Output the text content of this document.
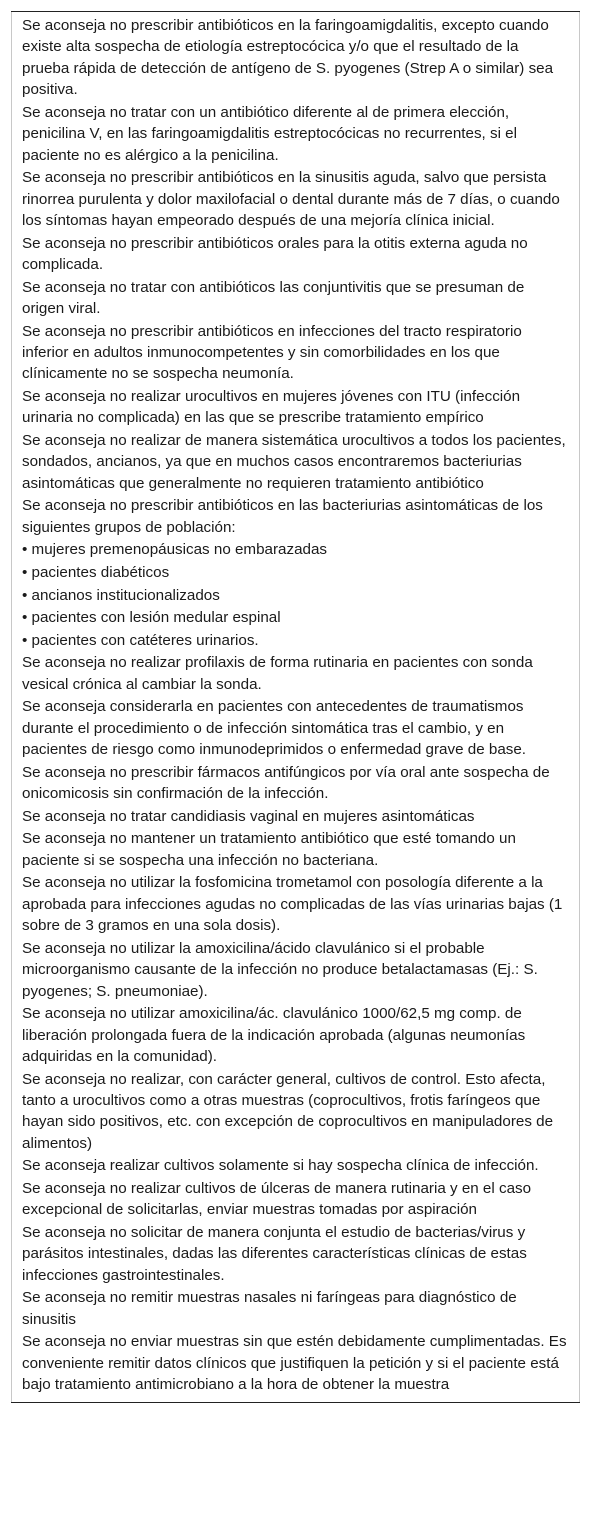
Se aconseja no prescribir antibióticos en la faringoamigdalitis, excepto cuando existe alta sospecha de etiología estreptocócica y/o que el resultado de la prueba rápida de detección de antígeno de S. pyogenes (Strep A o similar) sea positiva.

Se aconseja no tratar con un antibiótico diferente al de primera elección, penicilina V, en las faringoamigdalitis estreptocócicas no recurrentes, si el paciente no es alérgico a la penicilina.

Se aconseja no prescribir antibióticos en la sinusitis aguda, salvo que persista rinorrea purulenta y dolor maxilofacial o dental durante más de 7 días, o cuando los síntomas hayan empeorado después de una mejoría clínica inicial.

Se aconseja no prescribir antibióticos orales para la otitis externa aguda no complicada.

Se aconseja no tratar con antibióticos las conjuntivitis que se presuman de origen viral.

Se aconseja no prescribir antibióticos en infecciones del tracto respiratorio inferior en adultos inmunocompetentes y sin comorbilidades en los que clínicamente no se sospecha neumonía.

Se aconseja no realizar urocultivos en mujeres jóvenes con ITU (infección urinaria no complicada) en las que se prescribe tratamiento empírico

Se aconseja no realizar de manera sistemática urocultivos a todos los pacientes, sondados, ancianos, ya que en muchos casos encontraremos bacteriurias asintomáticas que generalmente no requieren tratamiento antibiótico

Se aconseja no prescribir antibióticos en las bacteriurias asintomáticas de los siguientes grupos de población:

• mujeres premenopáusicas no embarazadas
• pacientes diabéticos
• ancianos institucionalizados
• pacientes con lesión medular espinal
• pacientes con catéteres urinarios.

Se aconseja no realizar profilaxis de forma rutinaria en pacientes con sonda vesical crónica al cambiar la sonda.

Se aconseja considerarla en pacientes con antecedentes de traumatismos durante el procedimiento o de infección sintomática tras el cambio, y en pacientes de riesgo como inmunodeprimidos o enfermedad grave de base.

Se aconseja no prescribir fármacos antifúngicos por vía oral ante sospecha de onicomicosis sin confirmación de la infección.

Se aconseja no tratar candidiasis vaginal en mujeres asintomáticas

Se aconseja no mantener un tratamiento antibiótico que esté tomando un paciente si se sospecha una infección no bacteriana.

Se aconseja no utilizar la fosfomicina trometamol con posología diferente a la aprobada para infecciones agudas no complicadas de las vías urinarias bajas (1 sobre de 3 gramos en una sola dosis).

Se aconseja no utilizar la amoxicilina/ácido clavulánico si el probable microorganismo causante de la infección no produce betalactamasas (Ej.: S. pyogenes; S. pneumoniae).

Se aconseja no utilizar amoxicilina/ác. clavulánico 1000/62,5 mg comp. de liberación prolongada fuera de la indicación aprobada (algunas neumonías adquiridas en la comunidad).

Se aconseja no realizar, con carácter general, cultivos de control. Esto afecta, tanto a urocultivos como a otras muestras (coprocultivos, frotis faríngeos que hayan sido positivos, etc. con excepción de coprocultivos en manipuladores de alimentos)

Se aconseja realizar cultivos solamente si hay sospecha clínica de infección.

Se aconseja no realizar cultivos de úlceras de manera rutinaria y en el caso excepcional de solicitarlas, enviar muestras tomadas por aspiración

Se aconseja no solicitar de manera conjunta el estudio de bacterias/virus y parásitos intestinales, dadas las diferentes características clínicas de estas infecciones gastrointestinales.

Se aconseja no remitir muestras nasales ni faríngeas para diagnóstico de sinusitis

Se aconseja no enviar muestras sin que estén debidamente cumplimentadas. Es conveniente remitir datos clínicos que justifiquen la petición y si el paciente está bajo tratamiento antimicrobiano a la hora de obtener la muestra
